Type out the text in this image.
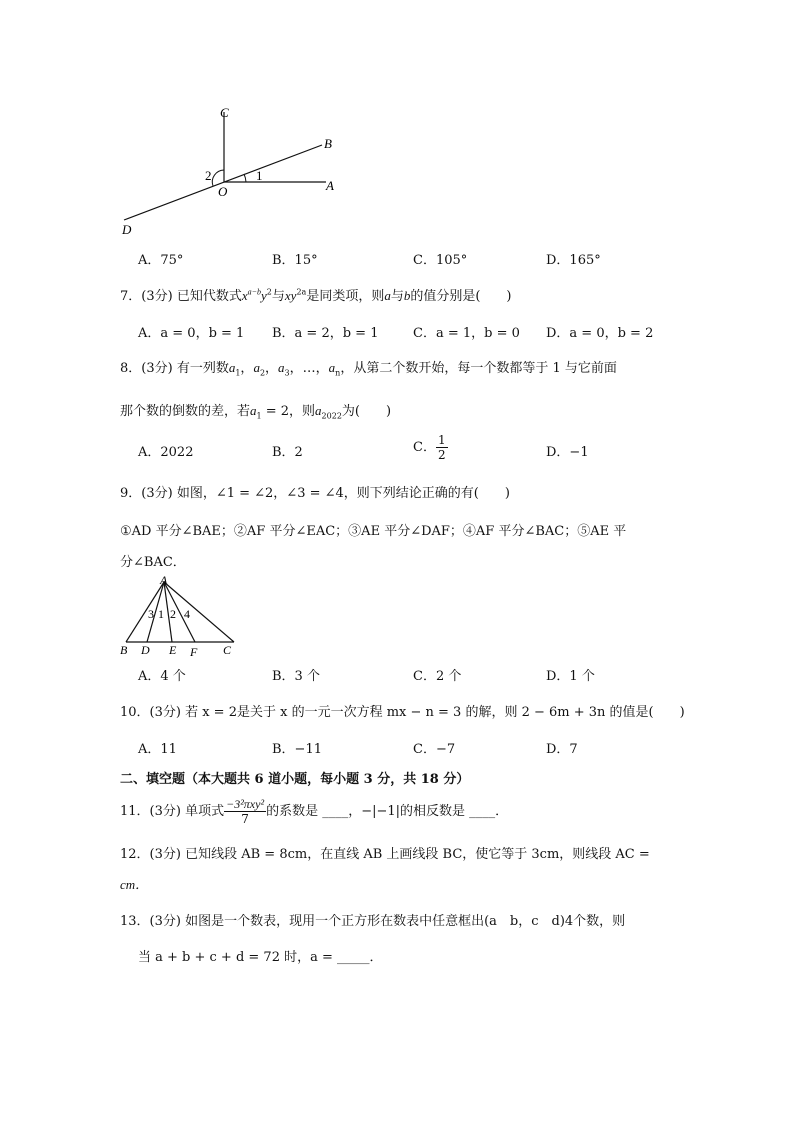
C
B
A
O
D
1
2
A．75°	B．15°	C．105°	D．165°
7．(3分) 已知代数式$x^{a-b}y^2$与$xy^{2a}$是同类项，则a与b的值分别是(　　)
A．a = 0，b = 1 B．a = 2，b = 1	C．a = 1，b = 0 D．a = 0，b = 2
8．(3分) 有一列数$a_1$，$a_2$，$a_3$，…，$a_n$，从第二个数开始，每一个数都等于 1 与它前面
那个数的倒数的差，若$a_1 = 2$，则$a_{2022}$为(　　)
A．2022	B．2	C． $\frac{1}{2}$	D．−1
9．(3分) 如图，∠1 = ∠2，∠3 = ∠4，则下列结论正确的有(　　)
①AD 平分∠BAE；②AF 平分∠EAC；③AE 平分∠DAF；④AF 平分∠BAC；⑤AE 平
分∠BAC．
A
B D E F C
3 1 2 4
A．4 个	B．3 个	C．2 个	D．1 个
10．(3分) 若 x = 2是关于 x 的一元一次方程 mx − n = 3 的解，则 2 − 6m + 3n 的值是(　　)
A．11	B．−11	C．−7	D．7
二、填空题（本大题共 6 道小题，每小题 3 分，共 18 分）
11．(3分) 单项式 $\frac{\text{−3²πxy²}}{7}$ 的系数是 ____，−|−1|的相反数是 ____．
12．(3分) 已知线段 AB = 8cm，在直线 AB 上画线段 BC，使它等于 3cm，则线段 AC =
cm．
13．(3分) 如图是一个数表，现用一个正方形在数表中任意框出(a　b，c　d)4个数，则
当 a + b + c + d = 72 时，a = _____．
